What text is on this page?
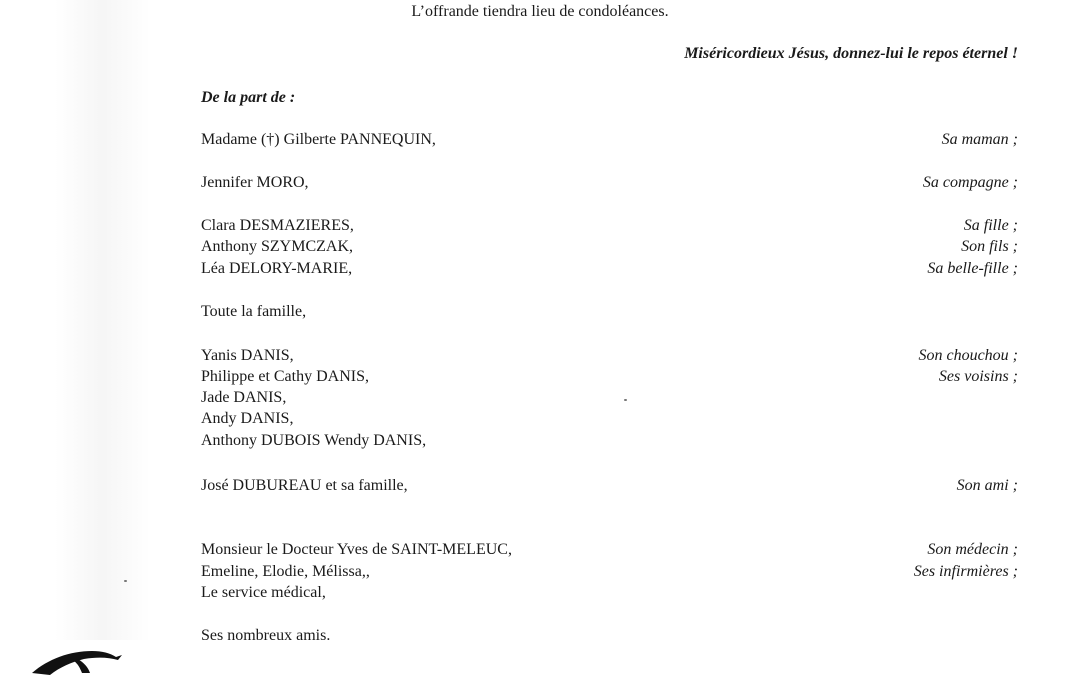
L’offrande tiendra lieu de condoléances.
Miséricordieux Jésus, donnez-lui le repos éternel !
De la part de :
Madame (†) Gilberte PANNEQUIN,	Sa maman ;
Jennifer MORO,	Sa compagne ;
Clara DESMAZIERES,	Sa fille ;
Anthony SZYMCZAK,	Son fils ;
Léa DELORY-MARIE,	Sa belle-fille ;
Toute la famille,
Yanis DANIS,	Son chouchou ;
Philippe et Cathy DANIS,	Ses voisins ;
Jade DANIS,
Andy DANIS,
Anthony DUBOIS Wendy DANIS,
José DUBUREAU et sa famille,	Son ami ;
Monsieur le Docteur Yves de SAINT-MELEUC,	Son médecin ;
Emeline, Elodie, Mélissa,,	Ses infirmières ;
Le service médical,
Ses nombreux amis.
